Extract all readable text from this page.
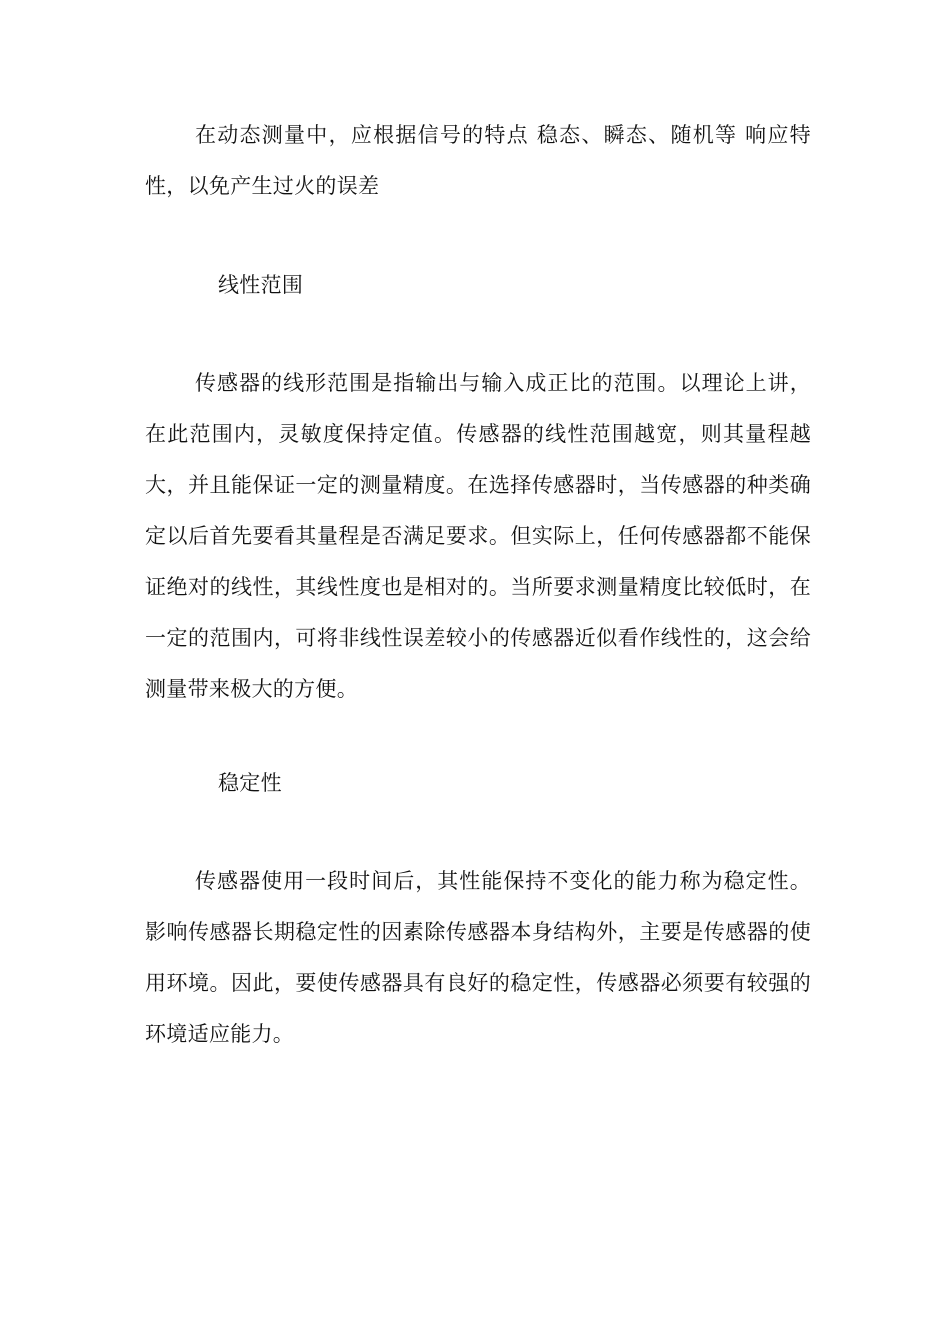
在动态测量中，应根据信号的特点 稳态、瞬态、随机等 响应特性，以免产生过火的误差

线性范围

传感器的线形范围是指输出与输入成正比的范围。以理论上讲，在此范围内，灵敏度保持定值。传感器的线性范围越宽，则其量程越大，并且能保证一定的测量精度。在选择传感器时，当传感器的种类确定以后首先要看其量程是否满足要求。但实际上，任何传感器都不能保证绝对的线性，其线性度也是相对的。当所要求测量精度比较低时，在一定的范围内，可将非线性误差较小的传感器近似看作线性的，这会给测量带来极大的方便。

稳定性

传感器使用一段时间后，其性能保持不变化的能力称为稳定性。影响传感器长期稳定性的因素除传感器本身结构外，主要是传感器的使用环境。因此，要使传感器具有良好的稳定性，传感器必须要有较强的环境适应能力。
